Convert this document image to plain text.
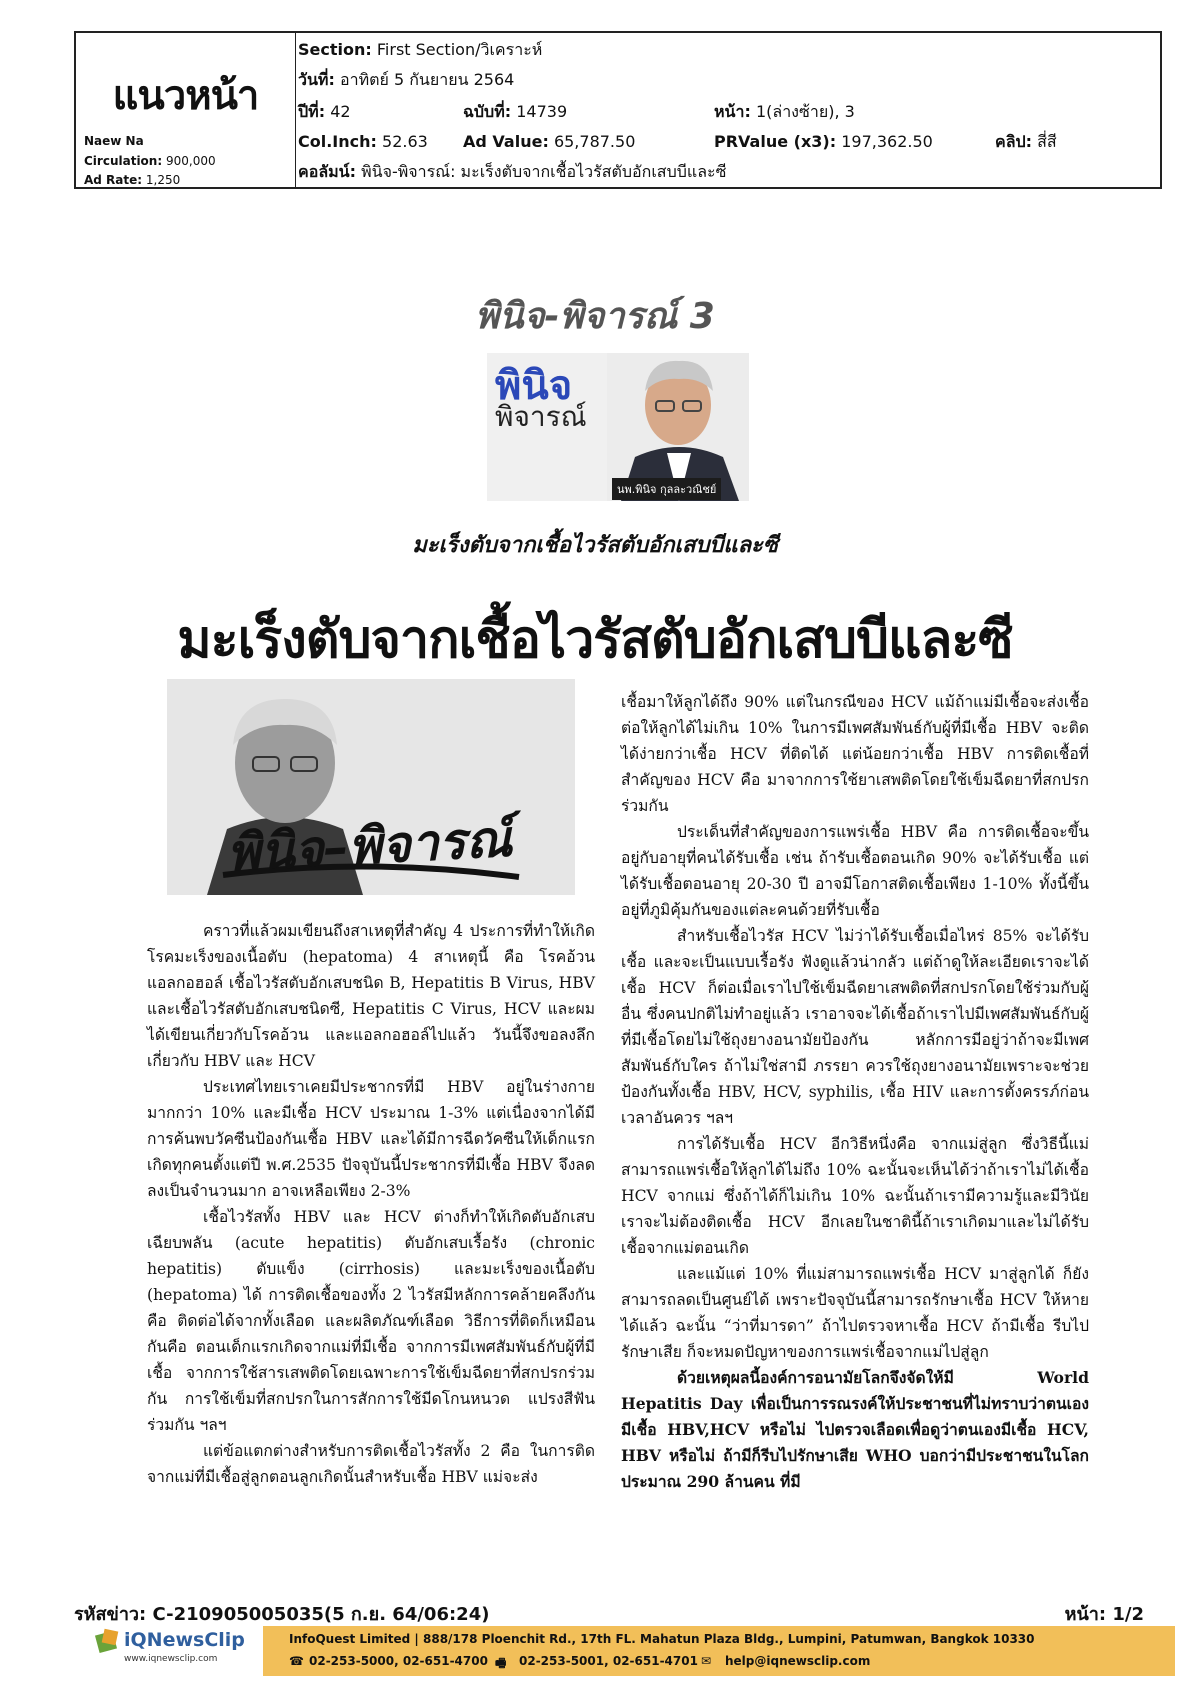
แนวหน้า
Naew Na
Circulation: 900,000
Ad Rate: 1,250
Section: First Section/วิเคราะห์
วันที่: อาทิตย์ 5 กันยายน 2564
ปีที่: 42	ฉบับที่: 14739	หน้า: 1(ล่างซ้าย), 3
Col.Inch: 52.63 Ad Value: 65,787.50	PRValue (x3): 197,362.50	คลิป: สี่สี
คอลัมน์: พินิจ-พิจารณ์: มะเร็งตับจากเชื้อไวรัสตับอักเสบบีและซี
พินิจ-พิจารณ์ 3
พินิจ
พิจารณ์
นพ.พินิจ กุลละวณิชย์
มะเร็งตับจากเชื้อไวรัสตับอักเสบบีและซี
มะเร็งตับจากเชื้อไวรัสตับอักเสบบีและซี
พินิจ–พิจารณ์

คราวที่แล้วผมเขียนถึงสาเหตุที่สำคัญ 4 ประการที่ทำให้เกิดโรคมะเร็งของเนื้อตับ (hepatoma) 4 สาเหตุนี้ คือ โรคอ้วน แอลกอฮอล์ เชื้อไวรัสตับอักเสบชนิด B, Hepatitis B Virus, HBV และเชื้อไวรัสตับอักเสบชนิดซี, Hepatitis C Virus, HCV และผมได้เขียนเกี่ยวกับโรคอ้วน และแอลกอฮอล์ไปแล้ว วันนี้จึงขอลงลึกเกี่ยวกับ HBV และ HCV

ประเทศไทยเราเคยมีประชากรที่มี HBV อยู่ในร่างกายมากกว่า 10% และมีเชื้อ HCV ประมาณ 1-3% แต่เนื่องจากได้มีการค้นพบวัคซีนป้องกันเชื้อ HBV และได้มีการฉีดวัคซีนให้เด็กแรกเกิดทุกคนตั้งแต่ปี พ.ศ.2535 ปัจจุบันนี้ประชากรที่มีเชื้อ HBV จึงลดลงเป็นจำนวนมาก อาจเหลือเพียง 2-3%

เชื้อไวรัสทั้ง HBV และ HCV ต่างก็ทำให้เกิดตับอักเสบเฉียบพลัน (acute hepatitis) ตับอักเสบเรื้อรัง (chronic hepatitis) ตับแข็ง (cirrhosis) และมะเร็งของเนื้อตับ (hepatoma) ได้ การติดเชื้อของทั้ง 2 ไวรัสมีหลักการคล้ายคลึงกัน คือ ติดต่อได้จากทั้งเลือด และผลิตภัณฑ์เลือด วิธีการที่ติดก็เหมือนกันคือ ตอนเด็กแรกเกิดจากแม่ที่มีเชื้อ จากการมีเพศสัมพันธ์กับผู้ที่มีเชื้อ จากการใช้สารเสพติดโดยเฉพาะการใช้เข็มฉีดยาที่สกปรกร่วมกัน การใช้เข็มที่สกปรกในการสักการใช้มีดโกนหนวด แปรงสีฟันร่วมกัน ฯลฯ

แต่ข้อแตกต่างสำหรับการติดเชื้อไวรัสทั้ง 2 คือ ในการติดจากแม่ที่มีเชื้อสู่ลูกตอนลูกเกิดนั้นสำหรับเชื้อ HBV แม่จะส่ง

เชื้อมาให้ลูกได้ถึง 90% แต่ในกรณีของ HCV แม้ถ้าแม่มีเชื้อจะส่งเชื้อต่อให้ลูกได้ไม่เกิน 10% ในการมีเพศสัมพันธ์กับผู้ที่มีเชื้อ HBV จะติดได้ง่ายกว่าเชื้อ HCV ที่ติดได้ แต่น้อยกว่าเชื้อ HBV การติดเชื้อที่สำคัญของ HCV คือ มาจากการใช้ยาเสพติดโดยใช้เข็มฉีดยาที่สกปรกร่วมกัน

ประเด็นที่สำคัญของการแพร่เชื้อ HBV คือ การติดเชื้อจะขึ้นอยู่กับอายุที่คนได้รับเชื้อ เช่น ถ้ารับเชื้อตอนเกิด 90% จะได้รับเชื้อ แต่ได้รับเชื้อตอนอายุ 20-30 ปี อาจมีโอกาสติดเชื้อเพียง 1-10% ทั้งนี้ขึ้นอยู่ที่ภูมิคุ้มกันของแต่ละคนด้วยที่รับเชื้อ

สำหรับเชื้อไวรัส HCV ไม่ว่าได้รับเชื้อเมื่อไหร่ 85% จะได้รับเชื้อ และจะเป็นแบบเรื้อรัง ฟังดูแล้วน่ากลัว แต่ถ้าดูให้ละเอียดเราจะได้เชื้อ HCV ก็ต่อเมื่อเราไปใช้เข็มฉีดยาเสพติดที่สกปรกโดยใช้ร่วมกับผู้อื่น ซึ่งคนปกติไม่ทำอยู่แล้ว เราอาจจะได้เชื้อถ้าเราไปมีเพศสัมพันธ์กับผู้ที่มีเชื้อโดยไม่ใช้ถุงยางอนามัยป้องกัน หลักการมีอยู่ว่าถ้าจะมีเพศสัมพันธ์กับใคร ถ้าไม่ใช่สามี ภรรยา ควรใช้ถุงยางอนามัยเพราะจะช่วยป้องกันทั้งเชื้อ HBV, HCV, syphilis, เชื้อ HIV และการตั้งครรภ์ก่อนเวลาอันควร ฯลฯ

การได้รับเชื้อ HCV อีกวิธีหนึ่งคือ จากแม่สู่ลูก ซึ่งวิธีนี้แม่สามารถแพร่เชื้อให้ลูกได้ไม่ถึง 10% ฉะนั้นจะเห็นได้ว่าถ้าเราไม่ได้เชื้อ HCV จากแม่ ซึ่งถ้าได้ก็ไม่เกิน 10% ฉะนั้นถ้าเรามีความรู้และมีวินัย เราจะไม่ต้องติดเชื้อ HCV อีกเลยในชาตินี้ถ้าเราเกิดมาและไม่ได้รับเชื้อจากแม่ตอนเกิด

และแม้แต่ 10% ที่แม่สามารถแพร่เชื้อ HCV มาสู่ลูกได้ ก็ยังสามารถลดเป็นศูนย์ได้ เพราะปัจจุบันนี้สามารถรักษาเชื้อ HCV ให้หายได้แล้ว ฉะนั้น “ว่าที่มารดา” ถ้าไปตรวจหาเชื้อ HCV ถ้ามีเชื้อ รีบไปรักษาเสีย ก็จะหมดปัญหาของการแพร่เชื้อจากแม่ไปสู่ลูก

ด้วยเหตุผลนี้องค์การอนามัยโลกจึงจัดให้มี World Hepatitis Day เพื่อเป็นการรณรงค์ให้ประชาชนที่ไม่ทราบว่าตนเองมีเชื้อ HBV,HCV หรือไม่ ไปตรวจเลือดเพื่อดูว่าตนเองมีเชื้อ HCV, HBV หรือไม่ ถ้ามีก็รีบไปรักษาเสีย WHO บอกว่ามีประชาชนในโลกประมาณ 290 ล้านคน ที่มี

รหัสข่าว: C-210905005035(5 ก.ย. 64/06:24)	หน้า: 1/2
iQNewsClip
www.iqnewsclip.com
InfoQuest Limited | 888/178 Ploenchit Rd., 17th FL. Mahatun Plaza Bldg., Lumpini, Patumwan, Bangkok 10330
☎ 02-253-5000, 02-651-4700 🖷 02-253-5001, 02-651-4701 ✉ help@iqnewsclip.com
